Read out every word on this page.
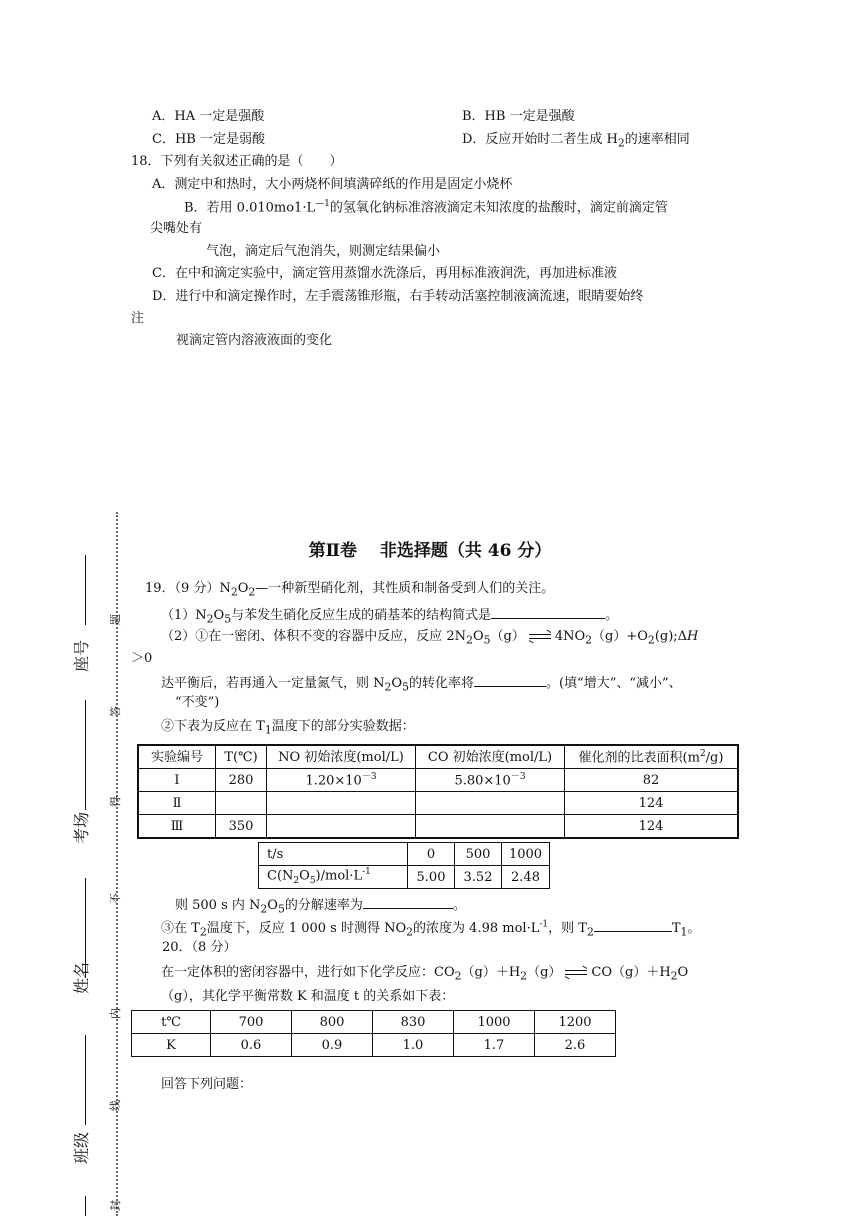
A．HA 一定是强酸	B．HB 一定是强酸
C．HB 一定是弱酸	D．反应开始时二者生成 $H_2$的速率相同
18．下列有关叙述正确的是（　　）
A．测定中和热时，大小两烧杯间填满碎纸的作用是固定小烧杯
B．若用 $0.010mo1\cdot L^{—1}$的氢氧化钠标准溶液滴定未知浓度的盐酸时，滴定前滴定管
尖嘴处有
气泡，滴定后气泡消失，则测定结果偏小
C．在中和滴定实验中，滴定管用蒸馏水洗涤后，再用标准液润洗，再加进标准液
D．进行中和滴定操作时，左手震荡锥形瓶，右手转动活塞控制液滴流速，眼睛要始终
注
视滴定管内溶液液面的变化
第Ⅱ卷　 非选择题（共 46 分）
19．（9 分）$N_2O_2—$一种新型硝化剂，其性质和制备受到人们的关注。
$(1)N_2O_5$与苯发生硝化反应生成的硝基苯的结构简式是	。
（2）①在一密闭、体积不变的容器中反应，反应 $2N_2O_5(g)$ $4NO_2(g)+O_2(g);\Delta H$
＞0
达平衡后，若再通入一定量氮气，则 $N_2O_5$的转化率将	。(填“增大”、“减小”、
“不变”)
②下表为反应在 $T_1$温度下的部分实验数据：
实验编号	T(℃)	NO 初始浓度(mol/L)	CO 初始浓度(mol/L)	催化剂的比表面积$(m^2/g)$
Ⅰ	280	$1.20\times 10^{-3}$	$5.80\times 10^{-3}$	82
Ⅱ				124
Ⅲ	350			124
t/s	0	500	1000
$C(N_2O_5)/mol\cdot L^{-1}$	5.00	3.52	2.48
则 500 s 内 $N_2O_5$的分解速率为	。
③在 $T_2$温度下，反应 1 000 s 时测得 $NO_2$的浓度为 4.98 $mol\cdot L^{-1}$，则 $T_2$	$T_1$。
20．（8 分）
在一定体积的密闭容器中，进行如下化学反应：$CO_2(g)+H_2(g)$ $CO(g)+H_2O$
（g），其化学平衡常数 K 和温度 t 的关系如下表：
t℃	700	800	830	1000	1200
K	0.6	0.9	1.0	1.7	2.6
回答下列问题：
座号
考场
姓名
班级
题
答
得
不
内
线
封
